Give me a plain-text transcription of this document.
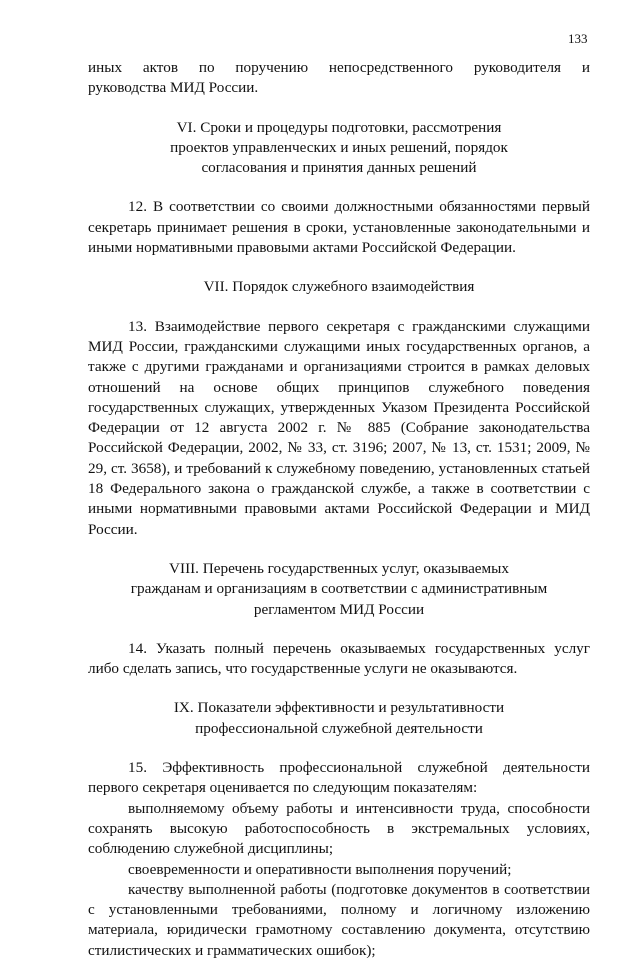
133

иных актов по поручению непосредственного руководителя и

руководства МИД России.

VI. Сроки и процедуры подготовки, рассмотрения

проектов управленческих и иных решений, порядок

согласования и принятия данных решений

12. В соответствии со своими должностными обязанностями первый секретарь принимает решения в сроки, установленные законодательными и иными нормативными правовыми актами Российской Федерации.

VII. Порядок служебного взаимодействия

13. Взаимодействие первого секретаря с гражданскими служащими МИД России, гражданскими служащими иных государственных органов, а также с другими гражданами и организациями строится в рамках деловых отношений на основе общих принципов служебного поведения государственных служащих, утвержденных Указом Президента Российской Федерации от 12 августа 2002 г. № 885 (Собрание законодательства Российской Федерации, 2002, № 33, ст. 3196; 2007, № 13, ст. 1531; 2009, № 29, ст. 3658), и требований к служебному поведению, установленных статьей 18 Федерального закона о гражданской службе, а также в соответствии с иными нормативными правовыми актами Российской Федерации и МИД России.

VIII. Перечень государственных услуг, оказываемых

гражданам и организациям в соответствии с административным

регламентом МИД России

14. Указать полный перечень оказываемых государственных услуг либо сделать запись, что государственные услуги не оказываются.

IX. Показатели эффективности и результативности

профессиональной служебной деятельности

15. Эффективность профессиональной служебной деятельности первого секретаря оценивается по следующим показателям:

выполняемому объему работы и интенсивности труда, способности сохранять высокую работоспособность в экстремальных условиях, соблюдению служебной дисциплины;

своевременности и оперативности выполнения поручений;

качеству выполненной работы (подготовке документов в соответствии с установленными требованиями, полному и логичному изложению материала, юридически грамотному составлению документа, отсутствию стилистических и грамматических ошибок);
